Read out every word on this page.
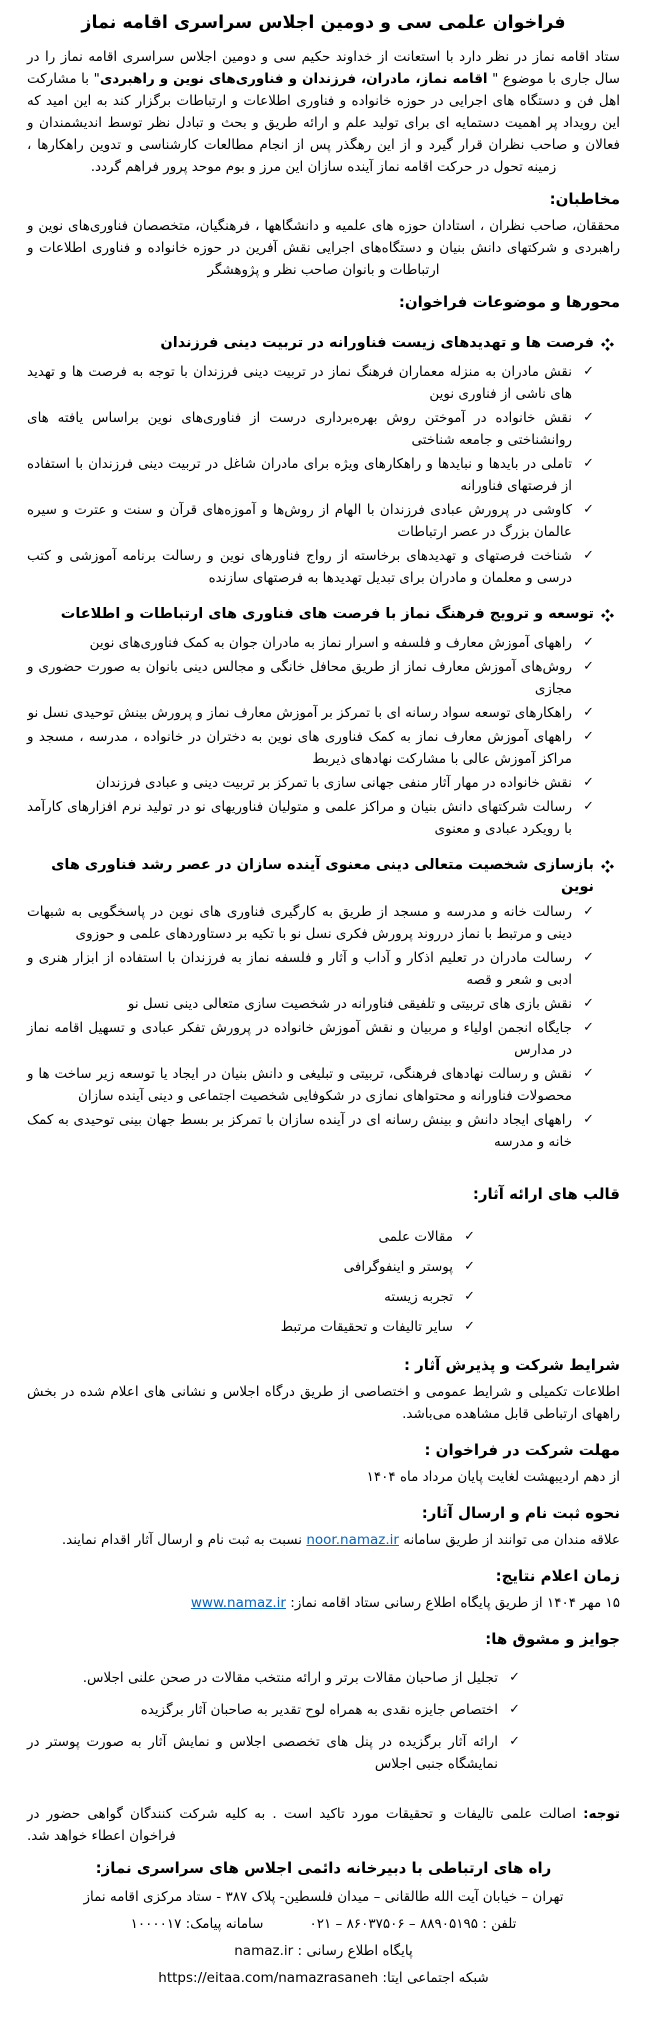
فراخوان علمی سی و دومین اجلاس سراسری اقامه نماز

ستاد اقامه نماز در نظر دارد با استعانت از خداوند حکیم سی و دومین اجلاس سراسری اقامه نماز را در سال جاری با موضوع " اقامه نماز، مادران، فرزندان و فناوری‌های نوین و راهبردی" با مشارکت اهل فن و دستگاه های اجرایی در حوزه خانواده و فناوری اطلاعات و ارتباطات برگزار کند به این امید که این رویداد پر اهمیت دستمایه ای برای تولید علم و ارائه طریق و بحث و تبادل نظر توسط اندیشمندان و فعالان و صاحب نظران قرار گیرد و از این رهگذر پس از انجام مطالعات کارشناسی و تدوین راهکارها ، زمینه تحول در حرکت اقامه نماز آینده سازان این مرز و بوم موحد پرور فراهم گردد.

مخاطبان:

محققان، صاحب نظران ، استادان حوزه های علمیه و دانشگاهها ، فرهنگیان، متخصصان فناوری‌های نوین و راهبردی و شرکتهای دانش بنیان و دستگاه‌های اجرایی نقش آفرین در حوزه خانواده و فناوری اطلاعات و ارتباطات و بانوان صاحب نظر و پژوهشگر

محورها و موضوعات فراخوان:
فرصت ها و تهدیدهای زیست فناورانه در تربیت دینی فرزندان
✓
نقش مادران به منزله معماران فرهنگ نماز در تربیت دینی فرزندان با توجه به فرصت ها و تهدید های ناشی از فناوری نوین
✓
نقش خانواده در آموختن روش بهره‌برداری درست از فناوری‌های نوین براساس یافته های روانشناختی و جامعه شناختی
✓
تاملی در بایدها و نبایدها و راهکارهای ویژه برای مادران شاغل در تربیت دینی فرزندان با استفاده از فرصتهای فناورانه
✓
کاوشی در پرورش عبادی فرزندان با الهام از روش‌ها و آموزه‌های قرآن و سنت و عترت و سیره عالمان بزرگ در عصر ارتباطات
✓
شناخت فرصتهای و تهدیدهای برخاسته از رواج فناورهای نوین و رسالت برنامه آموزشی و کتب درسی و معلمان و مادران برای تبدیل تهدیدها به فرصتهای سازنده
توسعه و ترویج فرهنگ نماز با فرصت های فناوری های ارتباطات و اطلاعات
✓
راههای آموزش معارف و فلسفه و اسرار نماز به مادران جوان به کمک فناوری‌های نوین
✓
روش‌های آموزش معارف نماز از طریق محافل خانگی و مجالس دینی بانوان به صورت حضوری و مجازی
✓
راهکارهای توسعه سواد رسانه ای با تمرکز بر آموزش معارف نماز و پرورش بینش توحیدی نسل نو
✓
راههای آموزش معارف نماز به کمک فناوری های نوین به دختران در خانواده ، مدرسه ، مسجد و مراکز آموزش عالی با مشارکت نهادهای ذیربط
✓
نقش خانواده در مهار آثار منفی جهانی سازی با تمرکز بر تربیت دینی و عبادی فرزندان
✓
رسالت شرکتهای دانش بنیان و مراکز علمی و متولیان فناوریهای نو در تولید نرم افزارهای کارآمد با رویکرد عبادی و معنوی
بازسازی شخصیت متعالی دینی معنوی آینده سازان در عصر رشد فناوری های نوین
✓
رسالت خانه و مدرسه و مسجد از طریق به کارگیری فناوری های نوین در پاسخگویی به شبهات دینی و مرتبط با نماز درروند پرورش فکری نسل نو با تکیه بر دستاوردهای علمی و حوزوی
✓
رسالت مادران در تعلیم اذکار و آداب و آثار و فلسفه نماز به فرزندان با استفاده از ابزار هنری و ادبی و شعر و قصه
✓
نقش بازی های تربیتی و تلفیقی فناورانه در شخصیت سازی متعالی دینی نسل نو
✓
جایگاه انجمن اولیاء و مربیان و نقش آموزش خانواده در پرورش تفکر عبادی و تسهیل اقامه نماز در مدارس
✓
نقش و رسالت نهادهای فرهنگی، تربیتی و تبلیغی و دانش بنیان در ایجاد یا توسعه زیر ساخت ها و محصولات فناورانه و محتواهای نمازی در شکوفایی شخصیت اجتماعی و دینی آینده سازان
✓
راههای ایجاد دانش و بینش رسانه ای در آینده سازان با تمرکز بر بسط جهان بینی توحیدی به کمک خانه و مدرسه
قالب های ارائه آثار:
✓
مقالات علمی
✓
پوستر و اینفوگرافی
✓
تجربه زیسته
✓
سایر تالیفات و تحقیقات مرتبط
شرایط شرکت و پذیرش آثار :

اطلاعات تکمیلی و شرایط عمومی و اختصاصی از طریق درگاه اجلاس و نشانی های اعلام شده در بخش راههای ارتباطی قابل مشاهده می‌باشد.

مهلت شرکت در فراخوان :

از دهم اردیبهشت لغایت پایان مرداد ماه ۱۴۰۴

نحوه ثبت نام و ارسال آثار:

علاقه مندان می توانند از طریق سامانه noor.namaz.ir نسبت به ثبت نام و ارسال آثار اقدام نمایند.

زمان اعلام نتایج:

۱۵ مهر ۱۴۰۴ از طریق پایگاه اطلاع رسانی ستاد اقامه نماز: www.namaz.ir

جوایز و مشوق ها:
✓
تجلیل از صاحبان مقالات برتر و ارائه منتخب مقالات در صحن علنی اجلاس.
✓
اختصاص جایزه نقدی به همراه لوح تقدیر به صاحبان آثار برگزیده
✓
ارائه آثار برگزیده در پنل های تخصصی اجلاس و نمایش آثار به صورت پوستر در نمایشگاه جنبی اجلاس

توجه: اصالت علمی تالیفات و تحقیقات مورد تاکید است . به کلیه شرکت کنندگان گواهی حضور در فراخوان اعطاء خواهد شد.

راه های ارتباطی با دبیرخانه دائمی اجلاس های سراسری نماز:

تهران – خیابان آیت الله طالقانی – میدان فلسطین- پلاک ۳۸۷ - ستاد مرکزی اقامه نماز

تلفن : ۸۸۹۰۵۱۹۵ – ۸۶۰۳۷۵۰۶ – ۰۲۱سامانه پیامک: ۱۰۰۰۰۱۷

پایگاه اطلاع رسانی : namaz.ir

شبکه اجتماعی ایتا: https://eitaa.com/namazrasaneh
